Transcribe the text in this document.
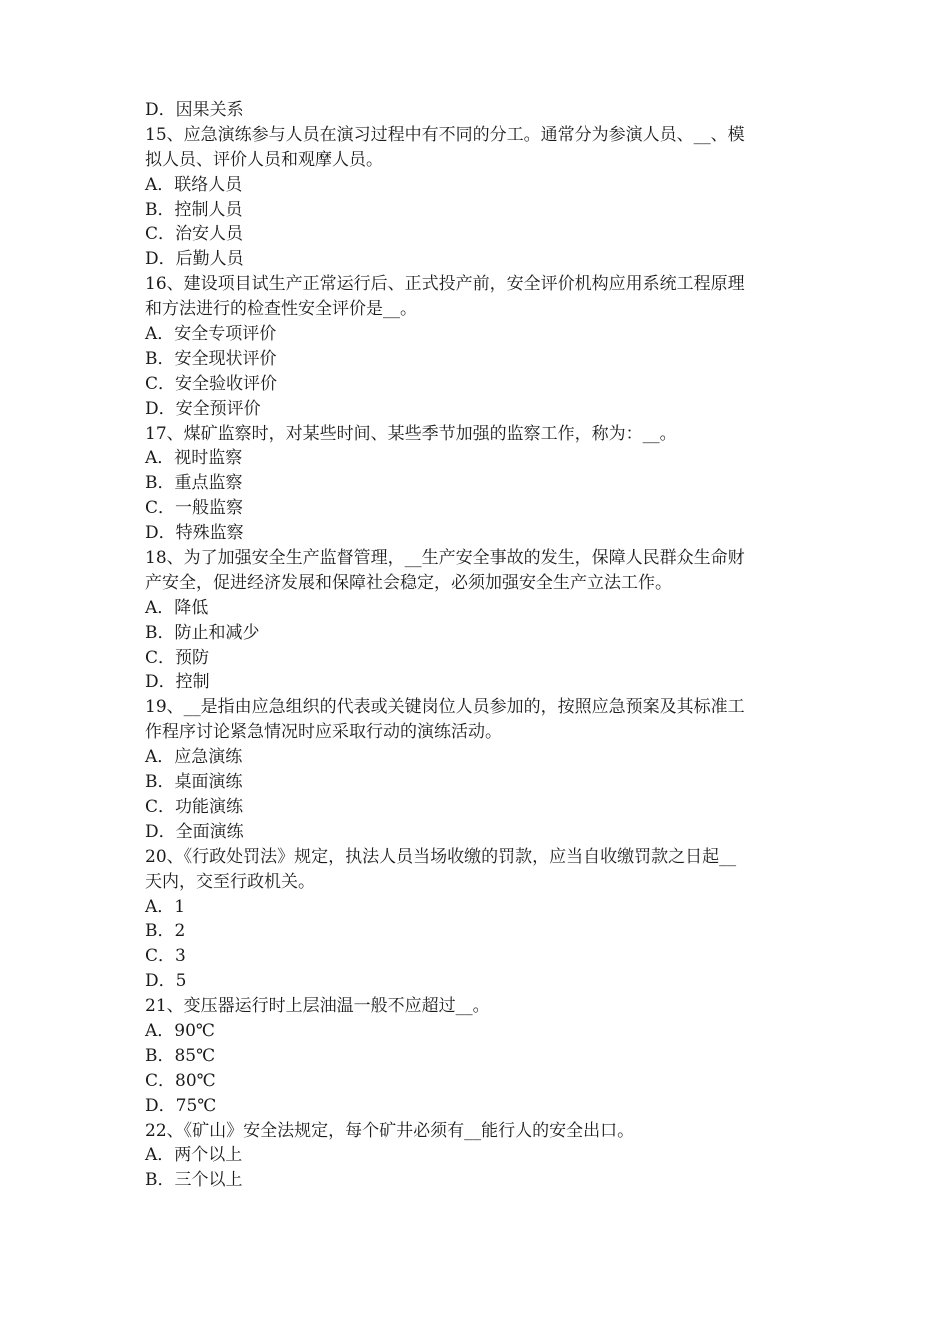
D．因果关系
15、应急演练参与人员在演习过程中有不同的分工。通常分为参演人员、__、模
拟人员、评价人员和观摩人员。
A．联络人员
B．控制人员
C．治安人员
D．后勤人员
16、建设项目试生产正常运行后、正式投产前，安全评价机构应用系统工程原理
和方法进行的检查性安全评价是__。
A．安全专项评价
B．安全现状评价
C．安全验收评价
D．安全预评价
17、煤矿监察时，对某些时间、某些季节加强的监察工作，称为：__。
A．视时监察
B．重点监察
C．一般监察
D．特殊监察
18、为了加强安全生产监督管理，__生产安全事故的发生，保障人民群众生命财
产安全，促进经济发展和保障社会稳定，必须加强安全生产立法工作。
A．降低
B．防止和减少
C．预防
D．控制
19、__是指由应急组织的代表或关键岗位人员参加的，按照应急预案及其标准工
作程序讨论紧急情况时应采取行动的演练活动。
A．应急演练
B．桌面演练
C．功能演练
D．全面演练
20、《行政处罚法》规定，执法人员当场收缴的罚款，应当自收缴罚款之日起__
天内，交至行政机关。
A．1
B．2
C．3
D．5
21、变压器运行时上层油温一般不应超过__。
A．90℃
B．85℃
C．80℃
D．75℃
22、《矿山》安全法规定，每个矿井必须有__能行人的安全出口。
A．两个以上
B．三个以上
